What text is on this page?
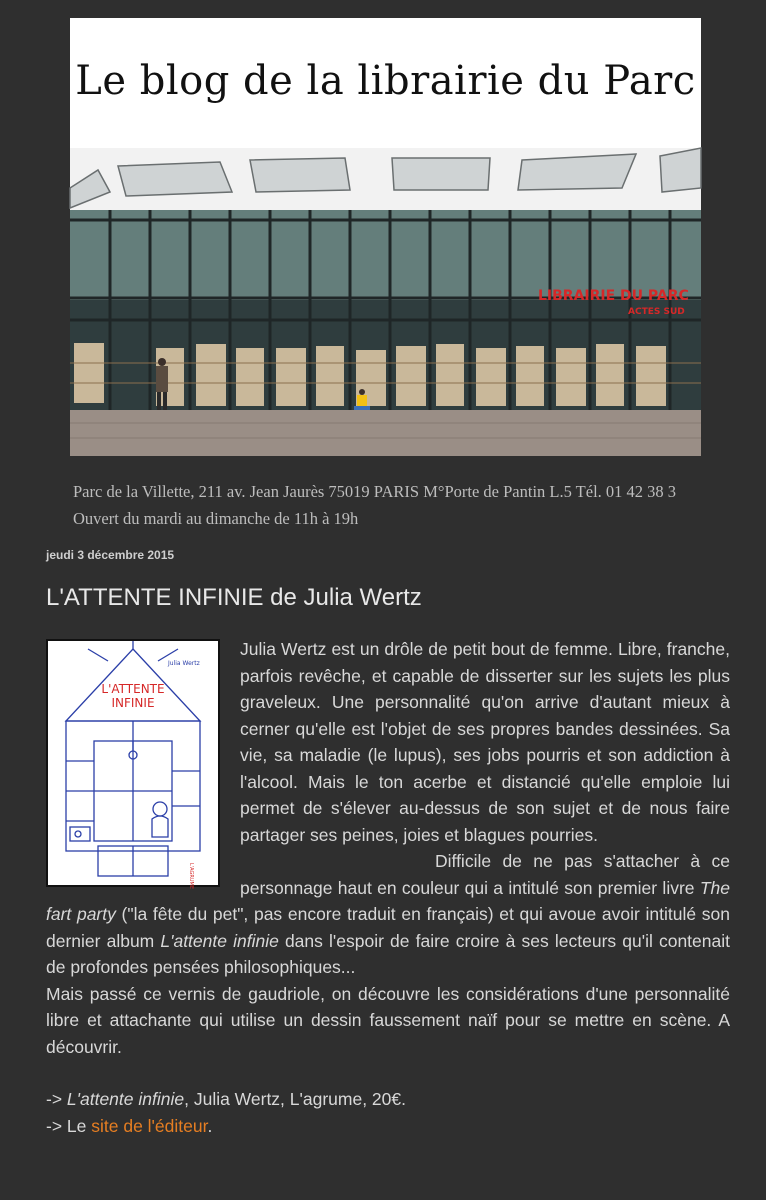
Le blog de la librairie du Parc
LIBRAIRIE DU PARC
ACTES SUD
Parc de la Villette, 211 av. Jean Jaurès 75019 PARIS M°Porte de Pantin L.5 Tél. 01 42 38 3
Ouvert du mardi au dimanche de 11h à 19h
jeudi 3 décembre 2015
L'ATTENTE INFINIE de Julia Wertz
Julia Wertz
L'ATTENTE
INFINIE
L'AGRUME

Julia Wertz est un drôle de petit bout de femme. Libre, franche, parfois revêche, et capable de disserter sur les sujets les plus graveleux. Une personnalité qu'on arrive d'autant mieux à cerner qu'elle est l'objet de ses propres bandes dessinées. Sa vie, sa maladie (le lupus), ses jobs pourris et son addiction à l'alcool. Mais le ton acerbe et distancié qu'elle emploie lui permet de s'élever au-dessus de son sujet et de nous faire partager ses peines, joies et blagues pourries.

Difficile de ne pas s'attacher à ce personnage haut en couleur qui a intitulé son premier livre The fart party ("la fête du pet", pas encore traduit en français) et qui avoue avoir intitulé son dernier album L'attente infinie dans l'espoir de faire croire à ses lecteurs qu'il contenait de profondes pensées philosophiques...

Mais passé ce vernis de gaudriole, on découvre les considérations d'une personnalité libre et attachante qui utilise un dessin faussement naïf pour se mettre en scène. A découvrir.

-> L'attente infinie, Julia Wertz, L'agrume, 20€.

-> Le site de l'éditeur.
